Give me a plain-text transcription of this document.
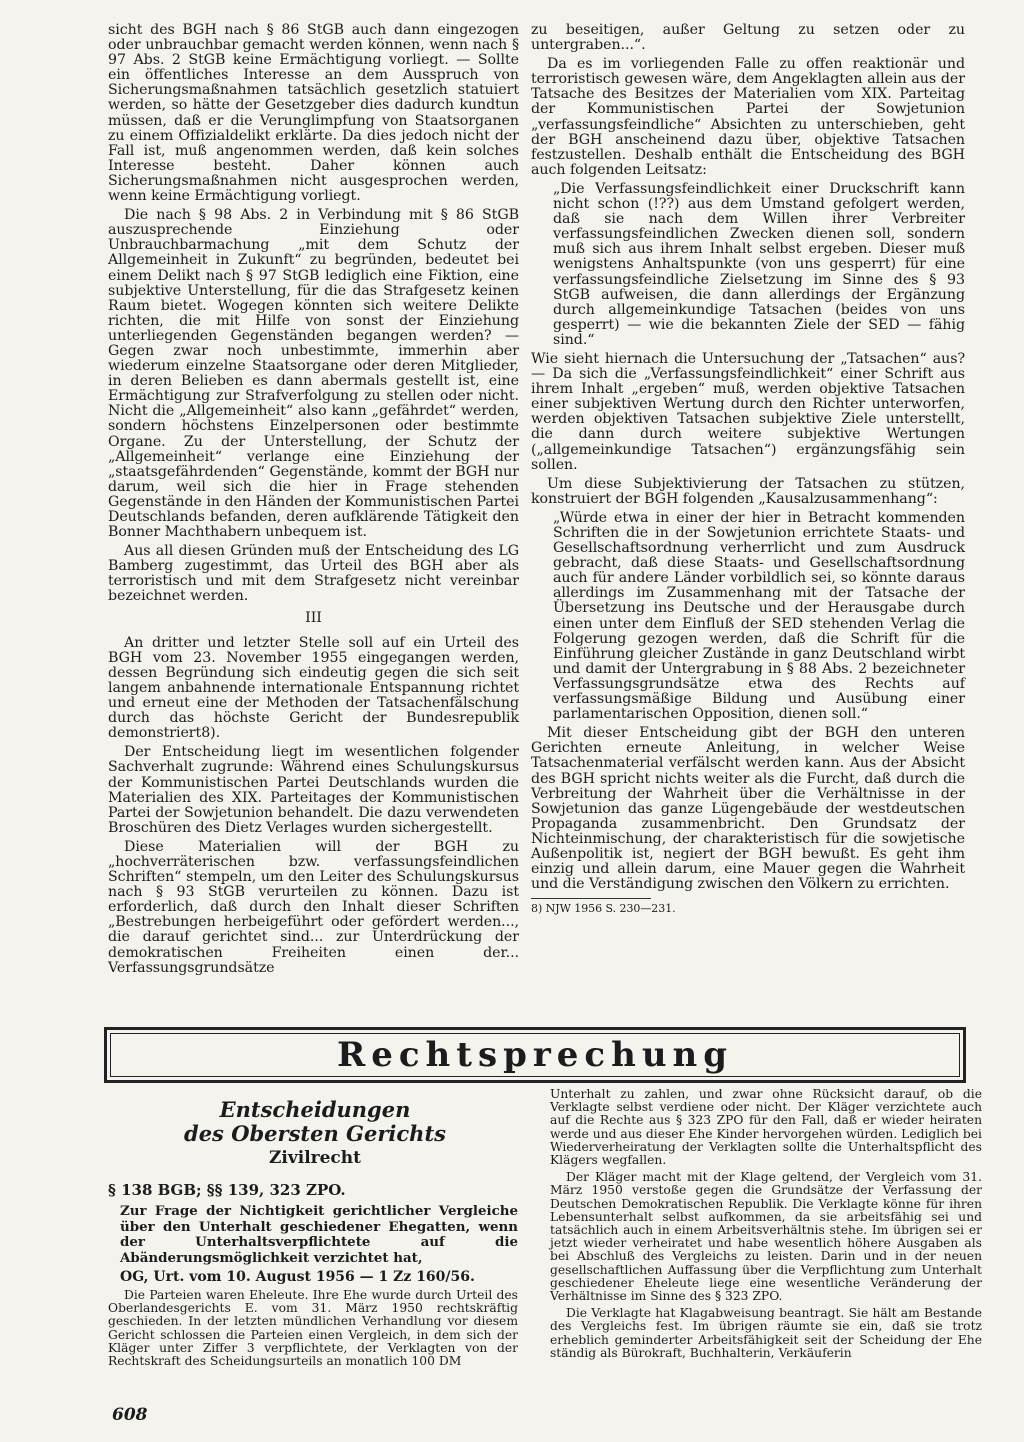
sicht des BGH nach § 86 StGB auch dann eingezogen oder unbrauchbar gemacht werden können, wenn nach § 97 Abs. 2 StGB keine Ermächtigung vorliegt. — Sollte ein öffentliches Interesse an dem Ausspruch von Sicherungsmaßnahmen tatsächlich gesetzlich statuiert werden, so hätte der Gesetzgeber dies dadurch kundtun müssen, daß er die Verunglimpfung von Staatsorganen zu einem Offizialdelikt erklärte. Da dies jedoch nicht der Fall ist, muß angenommen werden, daß kein solches Interesse besteht. Daher können auch Sicherungsmaßnahmen nicht ausgesprochen werden, wenn keine Ermächtigung vorliegt.

Die nach § 98 Abs. 2 in Verbindung mit § 86 StGB auszusprechende Einziehung oder Unbrauchbarmachung „mit dem Schutz der Allgemeinheit in Zukunft“ zu begründen, bedeutet bei einem Delikt nach § 97 StGB lediglich eine Fiktion, eine subjektive Unterstellung, für die das Strafgesetz keinen Raum bietet. Wogegen könnten sich weitere Delikte richten, die mit Hilfe von sonst der Einziehung unterliegenden Gegenständen begangen werden? — Gegen zwar noch unbestimmte, immerhin aber wiederum einzelne Staatsorgane oder deren Mitglieder, in deren Belieben es dann abermals gestellt ist, eine Ermächtigung zur Strafverfolgung zu stellen oder nicht. Nicht die „Allgemeinheit“ also kann „gefährdet“ werden, sondern höchstens Einzelpersonen oder bestimmte Organe. Zu der Unterstellung, der Schutz der „Allgemeinheit“ verlange eine Einziehung der „staatsgefährdenden“ Gegenstände, kommt der BGH nur darum, weil sich die hier in Frage stehenden Gegenstände in den Händen der Kommunistischen Partei Deutschlands befanden, deren aufklärende Tätigkeit den Bonner Machthabern unbequem ist.

Aus all diesen Gründen muß der Entscheidung des LG Bamberg zugestimmt, das Urteil des BGH aber als terroristisch und mit dem Strafgesetz nicht vereinbar bezeichnet werden.

III

An dritter und letzter Stelle soll auf ein Urteil des BGH vom 23. November 1955 eingegangen werden, dessen Begründung sich eindeutig gegen die sich seit langem anbahnende internationale Entspannung richtet und erneut eine der Methoden der Tatsachenfälschung durch das höchste Gericht der Bundesrepublik demonstriert8).

Der Entscheidung liegt im wesentlichen folgender Sachverhalt zugrunde: Während eines Schulungskursus der Kommunistischen Partei Deutschlands wurden die Materialien des XIX. Parteitages der Kommunistischen Partei der Sowjetunion behandelt. Die dazu verwendeten Broschüren des Dietz Verlages wurden sichergestellt.

Diese Materialien will der BGH zu „hochverräterischen bzw. verfassungsfeindlichen Schriften“ stempeln, um den Leiter des Schulungskursus nach § 93 StGB verurteilen zu können. Dazu ist erforderlich, daß durch den Inhalt dieser Schriften „Bestrebungen herbeigeführt oder gefördert werden..., die darauf gerichtet sind... zur Unterdrückung der demokratischen Freiheiten einen der... Verfassungsgrundsätze

zu beseitigen, außer Geltung zu setzen oder zu untergraben...“.

Da es im vorliegenden Falle zu offen reaktionär und terroristisch gewesen wäre, dem Angeklagten allein aus der Tatsache des Besitzes der Materialien vom XIX. Parteitag der Kommunistischen Partei der Sowjetunion „verfassungsfeindliche“ Absichten zu unterschieben, geht der BGH anscheinend dazu über, objektive Tatsachen festzustellen. Deshalb enthält die Entscheidung des BGH auch folgenden Leitsatz:

„Die Verfassungsfeindlichkeit einer Druckschrift kann nicht schon (!??) aus dem Umstand gefolgert werden, daß sie nach dem Willen ihrer Verbreiter verfassungsfeindlichen Zwecken dienen soll, sondern muß sich aus ihrem Inhalt selbst ergeben. Dieser muß wenigstens Anhaltspunkte (von uns gesperrt) für eine verfassungsfeindliche Zielsetzung im Sinne des § 93 StGB aufweisen, die dann allerdings der Ergänzung durch allgemeinkundige Tatsachen (beides von uns gesperrt) — wie die bekannten Ziele der SED — fähig sind.“

Wie sieht hiernach die Untersuchung der „Tatsachen“ aus? — Da sich die „Verfassungsfeindlichkeit“ einer Schrift aus ihrem Inhalt „ergeben“ muß, werden objektive Tatsachen einer subjektiven Wertung durch den Richter unterworfen, werden objektiven Tatsachen subjektive Ziele unterstellt, die dann durch weitere subjektive Wertungen („allgemeinkundige Tatsachen“) ergänzungsfähig sein sollen.

Um diese Subjektivierung der Tatsachen zu stützen, konstruiert der BGH folgenden „Kausalzusammenhang“:

„Würde etwa in einer der hier in Betracht kommenden Schriften die in der Sowjetunion errichtete Staats- und Gesellschaftsordnung verherrlicht und zum Ausdruck gebracht, daß diese Staats- und Gesellschaftsordnung auch für andere Länder vorbildlich sei, so könnte daraus allerdings im Zusammenhang mit der Tatsache der Übersetzung ins Deutsche und der Herausgabe durch einen unter dem Einfluß der SED stehenden Verlag die Folgerung gezogen werden, daß die Schrift für die Einführung gleicher Zustände in ganz Deutschland wirbt und damit der Untergrabung in § 88 Abs. 2 bezeichneter Verfassungsgrundsätze etwa des Rechts auf verfassungsmäßige Bildung und Ausübung einer parlamentarischen Opposition, dienen soll.“

Mit dieser Entscheidung gibt der BGH den unteren Gerichten erneute Anleitung, in welcher Weise Tatsachenmaterial verfälscht werden kann. Aus der Absicht des BGH spricht nichts weiter als die Furcht, daß durch die Verbreitung der Wahrheit über die Verhältnisse in der Sowjetunion das ganze Lügengebäude der westdeutschen Propaganda zusammenbricht. Den Grundsatz der Nichteinmischung, der charakteristisch für die sowjetische Außenpolitik ist, negiert der BGH bewußt. Es geht ihm einzig und allein darum, eine Mauer gegen die Wahrheit und die Verständigung zwischen den Völkern zu errichten.

8) NJW 1956 S. 230—231.
Rechtsprechung
Entscheidungen
des Obersten Gerichts
Zivilrecht

§ 138 BGB; §§ 139, 323 ZPO.

Zur Frage der Nichtigkeit gerichtlicher Vergleiche über den Unterhalt geschiedener Ehegatten, wenn der Unterhaltsverpflichtete auf die Abänderungsmöglichkeit verzichtet hat,

OG, Urt. vom 10. August 1956 — 1 Zz 160/56.

Die Parteien waren Eheleute. Ihre Ehe wurde durch Urteil des Oberlandesgerichts E. vom 31. März 1950 rechtskräftig geschieden. In der letzten mündlichen Verhandlung vor diesem Gericht schlossen die Parteien einen Vergleich, in dem sich der Kläger unter Ziffer 3 verpflichtete, der Verklagten von der Rechtskraft des Scheidungsurteils an monatlich 100 DM

Unterhalt zu zahlen, und zwar ohne Rücksicht darauf, ob die Verklagte selbst verdiene oder nicht. Der Kläger verzichtete auch auf die Rechte aus § 323 ZPO für den Fall, daß er wieder heiraten werde und aus dieser Ehe Kinder hervorgehen würden. Lediglich bei Wiederverheiratung der Verklagten sollte die Unterhaltspflicht des Klägers wegfallen.

Der Kläger macht mit der Klage geltend, der Vergleich vom 31. März 1950 verstoße gegen die Grundsätze der Verfassung der Deutschen Demokratischen Republik. Die Verklagte könne für ihren Lebensunterhalt selbst aufkommen, da sie arbeitsfähig sei und tatsächlich auch in einem Arbeitsverhältnis stehe. Im übrigen sei er jetzt wieder verheiratet und habe wesentlich höhere Ausgaben als bei Abschluß des Vergleichs zu leisten. Darin und in der neuen gesellschaftlichen Auffassung über die Verpflichtung zum Unterhalt geschiedener Eheleute liege eine wesentliche Veränderung der Verhältnisse im Sinne des § 323 ZPO.

Die Verklagte hat Klagabweisung beantragt. Sie hält am Bestande des Vergleichs fest. Im übrigen räumte sie ein, daß sie trotz erheblich geminderter Arbeitsfähigkeit seit der Scheidung der Ehe ständig als Bürokraft, Buchhalterin, Verkäuferin

608
